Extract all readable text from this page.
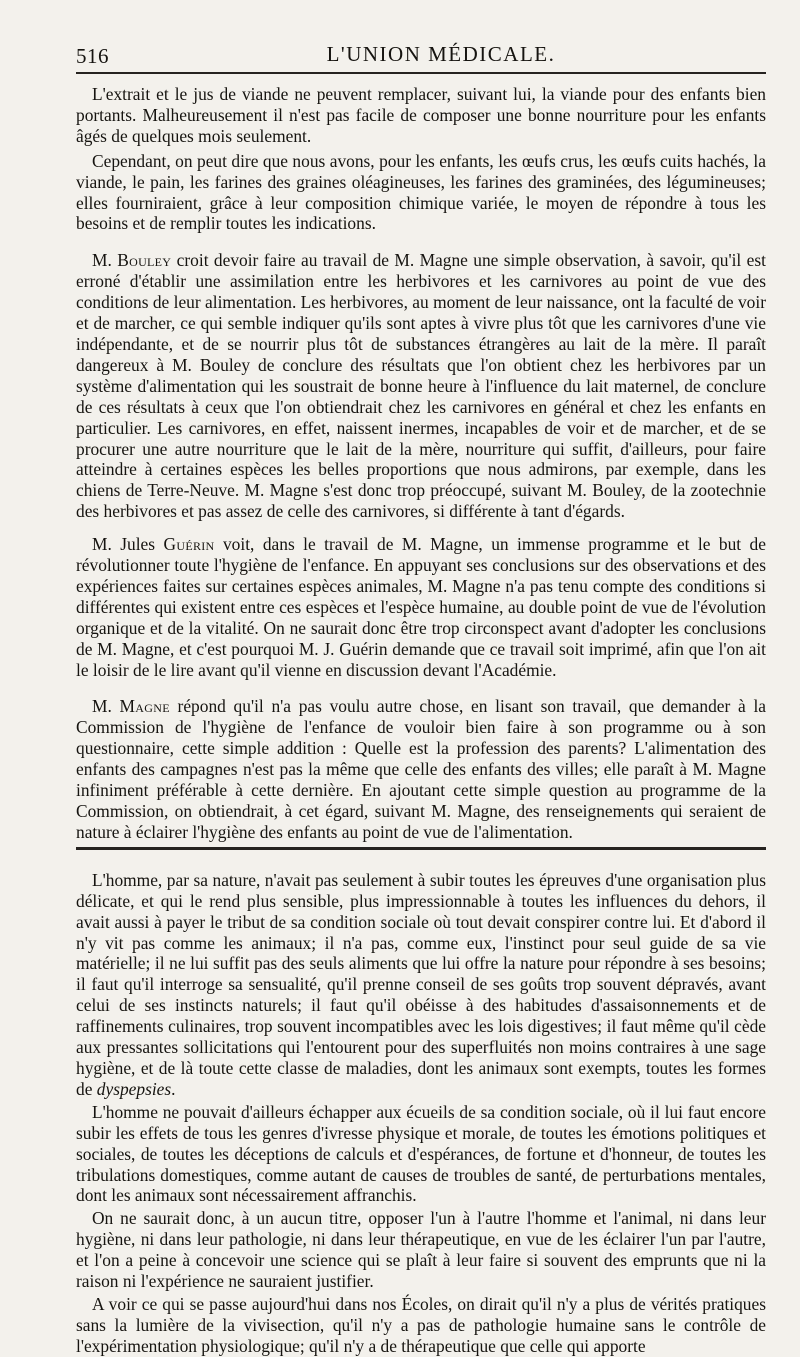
516	L'UNION MÉDICALE.

L'extrait et le jus de viande ne peuvent remplacer, suivant lui, la viande pour des enfants bien portants. Malheureusement il n'est pas facile de composer une bonne nourriture pour les enfants âgés de quelques mois seulement.

Cependant, on peut dire que nous avons, pour les enfants, les œufs crus, les œufs cuits hachés, la viande, le pain, les farines des graines oléagineuses, les farines des graminées, des légumineuses; elles fourniraient, grâce à leur composition chimique variée, le moyen de répondre à tous les besoins et de remplir toutes les indications.

M. Bouley croit devoir faire au travail de M. Magne une simple observation, à savoir, qu'il est erroné d'établir une assimilation entre les herbivores et les carnivores au point de vue des conditions de leur alimentation. Les herbivores, au moment de leur naissance, ont la faculté de voir et de marcher, ce qui semble indiquer qu'ils sont aptes à vivre plus tôt que les carnivores d'une vie indépendante, et de se nourrir plus tôt de substances étrangères au lait de la mère. Il paraît dangereux à M. Bouley de conclure des résultats que l'on obtient chez les herbivores par un système d'alimentation qui les soustrait de bonne heure à l'influence du lait maternel, de conclure de ces résultats à ceux que l'on obtiendrait chez les carnivores en général et chez les enfants en particulier. Les carnivores, en effet, naissent inermes, incapables de voir et de marcher, et de se procurer une autre nourriture que le lait de la mère, nourriture qui suffit, d'ailleurs, pour faire atteindre à certaines espèces les belles proportions que nous admirons, par exemple, dans les chiens de Terre-Neuve. M. Magne s'est donc trop préoccupé, suivant M. Bouley, de la zootechnie des herbivores et pas assez de celle des carnivores, si différente à tant d'égards.

M. Jules Guérin voit, dans le travail de M. Magne, un immense programme et le but de révolutionner toute l'hygiène de l'enfance. En appuyant ses conclusions sur des observations et des expériences faites sur certaines espèces animales, M. Magne n'a pas tenu compte des conditions si différentes qui existent entre ces espèces et l'espèce humaine, au double point de vue de l'évolution organique et de la vitalité. On ne saurait donc être trop circonspect avant d'adopter les conclusions de M. Magne, et c'est pourquoi M. J. Guérin demande que ce travail soit imprimé, afin que l'on ait le loisir de le lire avant qu'il vienne en discussion devant l'Académie.

M. Magne répond qu'il n'a pas voulu autre chose, en lisant son travail, que demander à la Commission de l'hygiène de l'enfance de vouloir bien faire à son programme ou à son questionnaire, cette simple addition : Quelle est la profession des parents? L'alimentation des enfants des campagnes n'est pas la même que celle des enfants des villes; elle paraît à M. Magne infiniment préférable à cette dernière. En ajoutant cette simple question au programme de la Commission, on obtiendrait, à cet égard, suivant M. Magne, des renseignements qui seraient de nature à éclairer l'hygiène des enfants au point de vue de l'alimentation.

L'homme, par sa nature, n'avait pas seulement à subir toutes les épreuves d'une organisation plus délicate, et qui le rend plus sensible, plus impressionnable à toutes les influences du dehors, il avait aussi à payer le tribut de sa condition sociale où tout devait conspirer contre lui. Et d'abord il n'y vit pas comme les animaux; il n'a pas, comme eux, l'instinct pour seul guide de sa vie matérielle; il ne lui suffit pas des seuls aliments que lui offre la nature pour répondre à ses besoins; il faut qu'il interroge sa sensualité, qu'il prenne conseil de ses goûts trop souvent dépravés, avant celui de ses instincts naturels; il faut qu'il obéisse à des habitudes d'assaisonnements et de raffinements culinaires, trop souvent incompatibles avec les lois digestives; il faut même qu'il cède aux pressantes sollicitations qui l'entourent pour des superfluités non moins contraires à une sage hygiène, et de là toute cette classe de maladies, dont les animaux sont exempts, toutes les formes de dyspepsies.

L'homme ne pouvait d'ailleurs échapper aux écueils de sa condition sociale, où il lui faut encore subir les effets de tous les genres d'ivresse physique et morale, de toutes les émotions politiques et sociales, de toutes les déceptions de calculs et d'espérances, de fortune et d'honneur, de toutes les tribulations domestiques, comme autant de causes de troubles de santé, de perturbations mentales, dont les animaux sont nécessairement affranchis.

On ne saurait donc, à un aucun titre, opposer l'un à l'autre l'homme et l'animal, ni dans leur hygiène, ni dans leur pathologie, ni dans leur thérapeutique, en vue de les éclairer l'un par l'autre, et l'on a peine à concevoir une science qui se plaît à leur faire si souvent des emprunts que ni la raison ni l'expérience ne sauraient justifier.

A voir ce qui se passe aujourd'hui dans nos Écoles, on dirait qu'il n'y a plus de vérités pratiques sans la lumière de la vivisection, qu'il n'y a pas de pathologie humaine sans le contrôle de l'expérimentation physiologique; qu'il n'y a de thérapeutique que celle qui apporte
